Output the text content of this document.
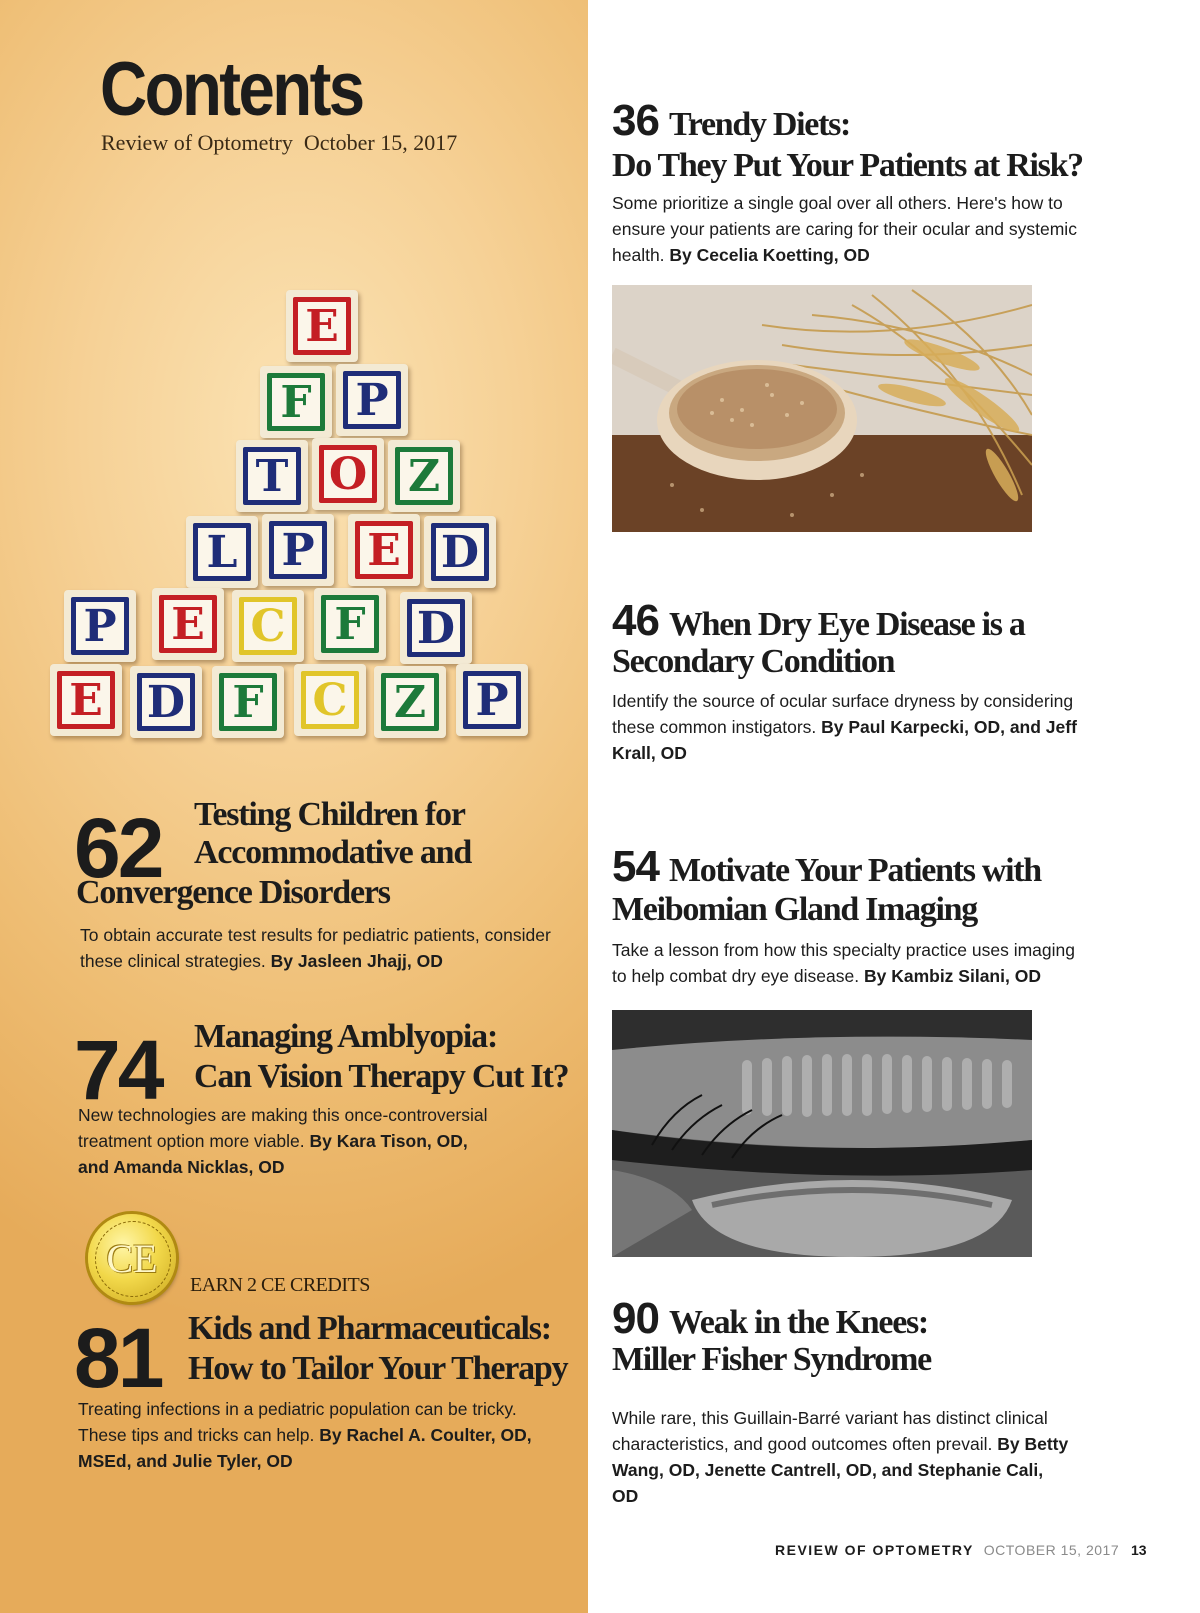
Contents
Review of Optometry  October 15, 2017
E
F P
T O Z
L P E D
P E C	F	D
E D	F	C Z P
62 Testing Children for
Accommodative and
Convergence Disorders
To obtain accurate test results for pediatric patients, consider these clinical strategies. By Jasleen Jhajj, OD
74 Managing Amblyopia:
Can Vision Therapy Cut It?
New technologies are making this once-controversial treatment option more viable. By Kara Tison, OD, and Amanda Nicklas, OD
CE
EARN 2 CE CREDITS
81 Kids and Pharmaceuticals:
How to Tailor Your Therapy
Treating infections in a pediatric population can be tricky. These tips and tricks can help. By Rachel A. Coulter, OD, MSEd, and Julie Tyler, OD
36 Trendy Diets:
Do They Put Your Patients at Risk?
Some prioritize a single goal over all others. Here's how to ensure your patients are caring for their ocular and systemic health. By Cecelia Koetting, OD
46 When Dry Eye Disease is a
Secondary Condition
Identify the source of ocular surface dryness by considering these common instigators. By Paul Karpecki, OD, and Jeff Krall, OD
54 Motivate Your Patients with
Meibomian Gland Imaging
Take a lesson from how this specialty practice uses imaging to help combat dry eye disease. By Kambiz Silani, OD
90 Weak in the Knees:
Miller Fisher Syndrome
While rare, this Guillain-Barré variant has distinct clinical characteristics, and good outcomes often prevail. By Betty Wang, OD, Jenette Cantrell, OD, and Stephanie Cali, OD
REVIEW OF OPTOMETRY OCTOBER 15, 2017 13
